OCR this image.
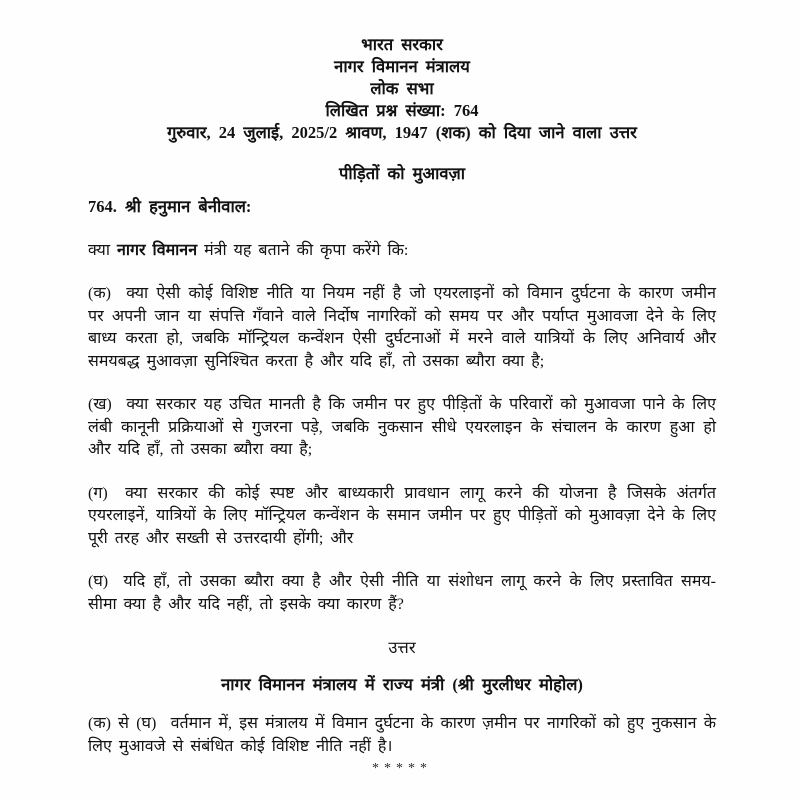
भारत सरकार
नागर विमानन मंत्रालय
लोक सभा
लिखित प्रश्न संख्या: 764
गुरुवार, 24 जुलाई, 2025/2 श्रावण, 1947 (शक) को दिया जाने वाला उत्तर
पीड़ितों को मुआवज़ा
764. श्री हनुमान बेनीवाल:

क्या नागर विमानन मंत्री यह बताने की कृपा करेंगे कि:

(क) क्या ऐसी कोई विशिष्ट नीति या नियम नहीं है जो एयरलाइनों को विमान दुर्घटना के कारण जमीन पर अपनी जान या संपत्ति गँवाने वाले निर्दोष नागरिकों को समय पर और पर्याप्त मुआवजा देने के लिए बाध्य करता हो, जबकि मॉन्ट्रियल कन्वेंशन ऐसी दुर्घटनाओं में मरने वाले यात्रियों के लिए अनिवार्य और समयबद्ध मुआवज़ा सुनिश्चित करता है और यदि हाँ, तो उसका ब्यौरा क्या है;

(ख) क्या सरकार यह उचित मानती है कि जमीन पर हुए पीड़ितों के परिवारों को मुआवजा पाने के लिए लंबी कानूनी प्रक्रियाओं से गुजरना पड़े, जबकि नुकसान सीधे एयरलाइन के संचालन के कारण हुआ हो और यदि हाँ, तो उसका ब्यौरा क्या है;

(ग) क्या सरकार की कोई स्पष्ट और बाध्यकारी प्रावधान लागू करने की योजना है जिसके अंतर्गत एयरलाइनें, यात्रियों के लिए मॉन्ट्रियल कन्वेंशन के समान जमीन पर हुए पीड़ितों को मुआवज़ा देने के लिए पूरी तरह और सख्ती से उत्तरदायी होंगी; और

(घ) यदि हाँ, तो उसका ब्यौरा क्या है और ऐसी नीति या संशोधन लागू करने के लिए प्रस्तावित समय-सीमा क्या है और यदि नहीं, तो इसके क्या कारण हैं?

उत्तर
नागर विमानन मंत्रालय में राज्य मंत्री (श्री मुरलीधर मोहोल)

(क) से (घ) वर्तमान में, इस मंत्रालय में विमान दुर्घटना के कारण ज़मीन पर नागरिकों को हुए नुकसान के लिए मुआवजे से संबंधित कोई विशिष्ट नीति नहीं है।

*****
